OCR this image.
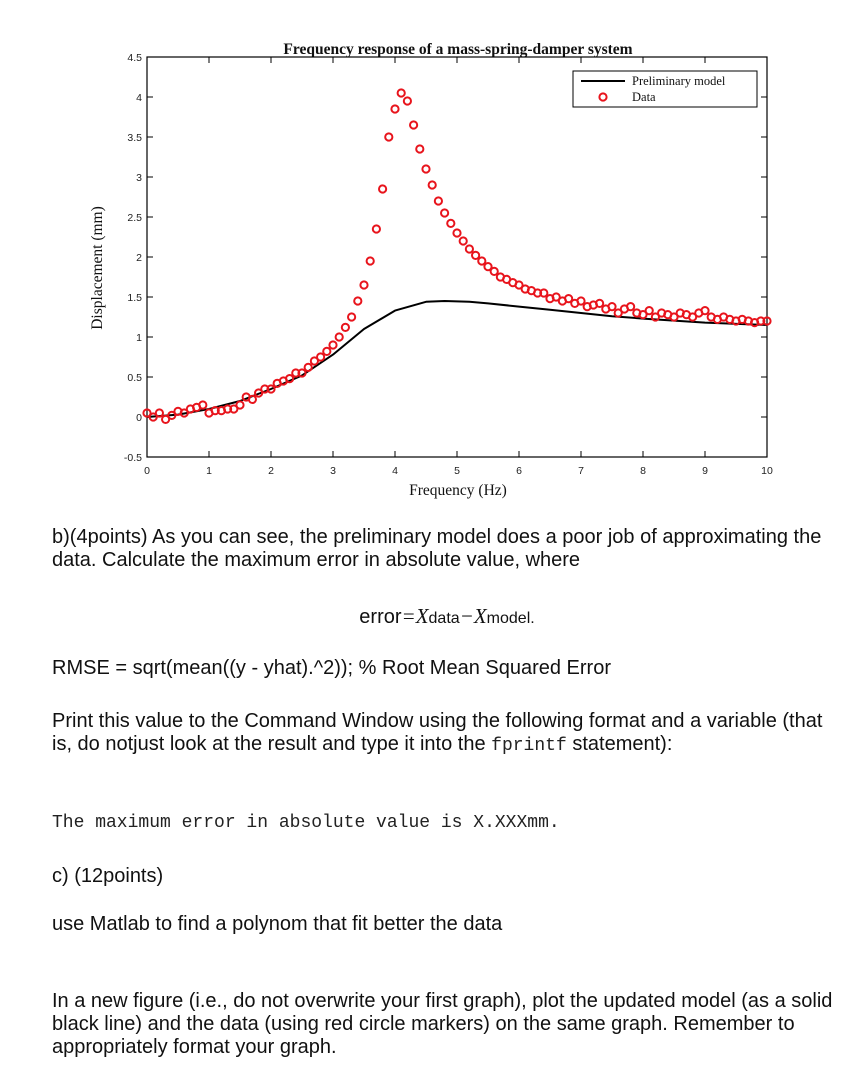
Frequency response of a mass-spring-damper system
Frequency (Hz)
Displacement (mm)
0	1	2	3	4	5	6	7	8	9	10
-0.5
0
0.5
1
1.5
2
2.5
3
3.5
4
4.5
Preliminary model
Data
b)(4points) As you can see, the preliminary model does a poor job of approximating the data. Calculate the maximum error in absolute value, where
error=Xdata−Xmodel.
RMSE = sqrt(mean((y - yhat).^2)); % Root Mean Squared Error
Print this value to the Command Window using the following format and a variable (that is, do notjust look at the result and type it into the fprintf statement):
The maximum error in absolute value is X.XXXmm.
c) (12points)
use Matlab to find a polynom that fit better the data
In a new figure (i.e., do not overwrite your first graph), plot the updated model (as a solid black line) and the data (using red circle markers) on the same graph. Remember to appropriately format your graph.
